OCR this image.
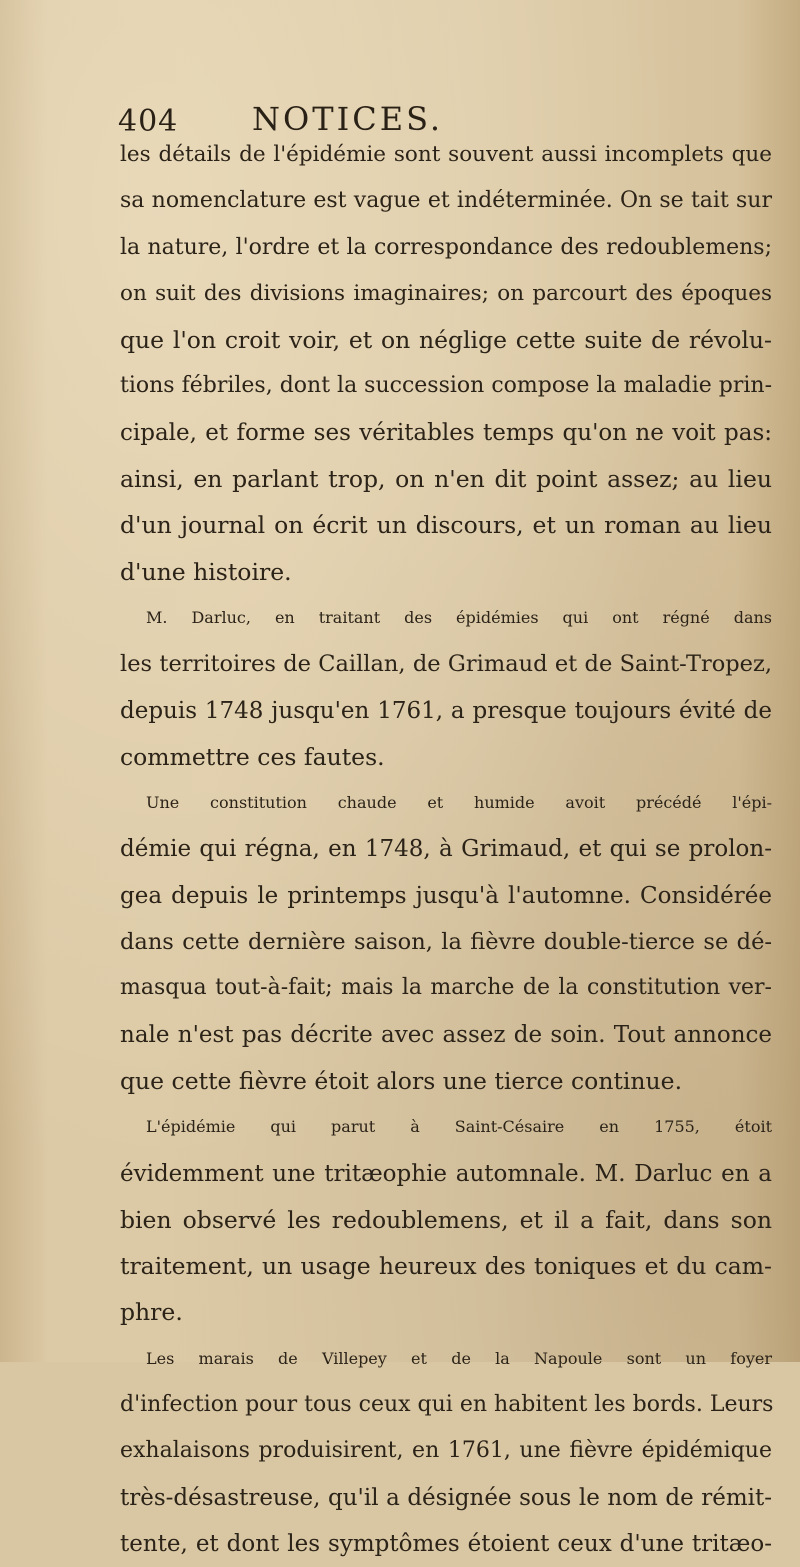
404 NOTICES.
les détails de l'épidémie sont souvent aussi incomplets que
sa nomenclature est vague et indéterminée. On se tait sur
la nature, l'ordre et la correspondance des redoublemens;
on suit des divisions imaginaires; on parcourt des époques
que l'on croit voir, et on néglige cette suite de révolu-
tions fébriles, dont la succession compose la maladie prin-
cipale, et forme ses véritables temps qu'on ne voit pas:
ainsi, en parlant trop, on n'en dit point assez; au lieu
d'un journal on écrit un discours, et un roman au lieu
d'une histoire.
M. Darluc, en traitant des épidémies qui ont régné dans
les territoires de Caillan, de Grimaud et de Saint-Tropez,
depuis 1748 jusqu'en 1761, a presque toujours évité de
commettre ces fautes.
Une constitution chaude et humide avoit précédé l'épi-
démie qui régna, en 1748, à Grimaud, et qui se prolon-
gea depuis le printemps jusqu'à l'automne. Considérée
dans cette dernière saison, la fièvre double-tierce se dé-
masqua tout-à-fait; mais la marche de la constitution ver-
nale n'est pas décrite avec assez de soin. Tout annonce
que cette fièvre étoit alors une tierce continue.
L'épidémie qui parut à Saint-Césaire en 1755, étoit
évidemment une tritæophie automnale. M. Darluc en a
bien observé les redoublemens, et il a fait, dans son
traitement, un usage heureux des toniques et du cam-
phre.
Les marais de Villepey et de la Napoule sont un foyer
d'infection pour tous ceux qui en habitent les bords. Leurs
exhalaisons produisirent, en 1761, une fièvre épidémique
très-désastreuse, qu'il a désignée sous le nom de rémit-
tente, et dont les symptômes étoient ceux d'une tritæo-
